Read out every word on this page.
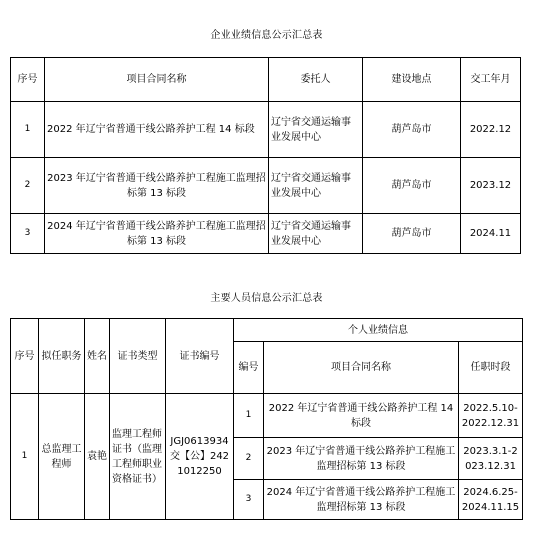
企业业绩信息公示汇总表
序号	项目合同名称	委托人	建设地点	交工年月
1	2022 年辽宁省普通干线公路养护工程 14 标段	辽宁省交通运输事业发展中心	葫芦岛市	2022.12
2	2023 年辽宁省普通干线公路养护工程施工监理招标第 13 标段	辽宁省交通运输事业发展中心	葫芦岛市	2023.12
3	2024 年辽宁省普通干线公路养护工程施工监理招标第 13 标段	辽宁省交通运输事业发展中心	葫芦岛市	2024.11
主要人员信息公示汇总表
序号	拟任职务	姓名	证书类型	证书编号	个人业绩信息		
					编号	项目合同名称	任职时段
1	总监理工程师	袁艳	监理工程师证书（监理工程师职业资格证书）	JGJ0613934交【公】2421012250	1	2022 年辽宁省普通干线公路养护工程 14 标段	2022.5.10-2022.12.31
					2	2023 年辽宁省普通干线公路养护工程施工监理招标第 13 标段	2023.3.1-2023.12.31
					3	2024 年辽宁省普通干线公路养护工程施工监理招标第 13 标段	2024.6.25-2024.11.15
